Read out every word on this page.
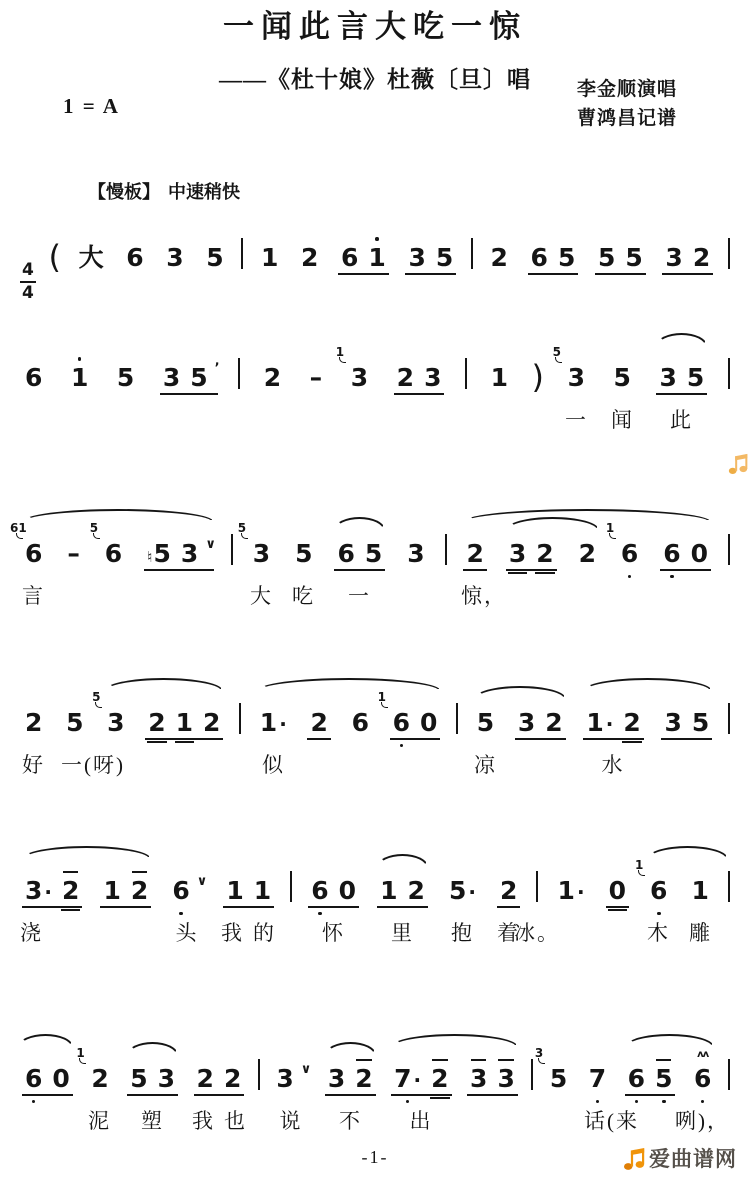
一闻此言大吃一惊
——《杜十娘》杜薇〔旦〕唱	李金顺演唱
曹鸿昌记谱
1 = A
【慢板】 中速稍快
4
4
( 大 6 3 5 1 2 6 1 3 5 2 6 5 5 5 3 2
6 1 5 3 5 ʼ 2 – 3
1
2 3 1 ) 3
5
5 3 5
一 闻 此
6
61
– 6
5
♮5 3 ∨ 3
5
5 6 5 3 2 3 2 2 6
1
6 0
言	大 吃 一	惊，
2 5 3
5
2 1 2 1 · 2 6 6
1
0 5 3 2 1 · 2 3 5
好 一(呀)	似	凉	水
3 · 2 1 2 6 ∨ 1 1 6 0 1 2 5 · 2 1 · 0 6
1
1
浇	头 我 的 怀 里 抱 着
冰。	木 雕
6 0 2
1
5 3 2 2 3 ∨ 3 2 7 · 2 3 3 5
3
7 6 5 6
ʌʌ
泥 塑 我 也 说 不 出	话(来 咧)，
-1-	爱曲谱网
